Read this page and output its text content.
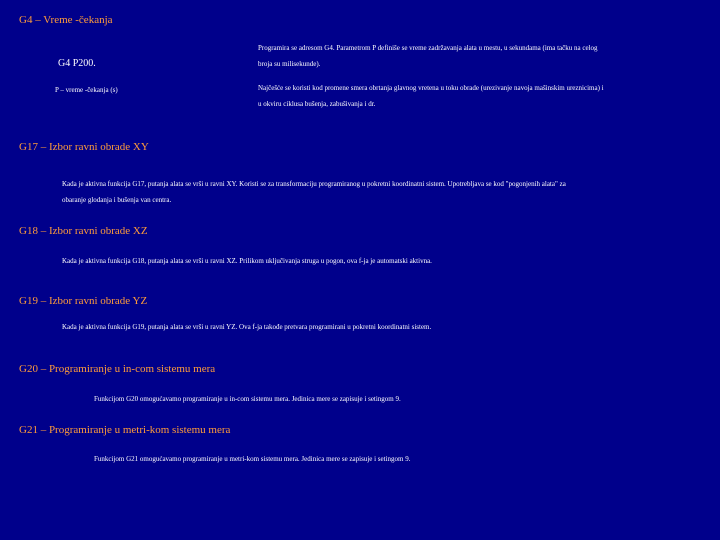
G4 – Vreme -čekanja
G4 P200.
P – vreme -čekanja (s)
Programira se adresom G4. Parametrom P definiše se vreme zadržavanja alata u mestu, u sekundama (ima tačku na celog
broja su milisekunde).
Najčešće se koristi kod promene smera obrtanja glavnog vretena u toku obrade (urezivanje navoja mašinskim ureznicima) i
u okviru ciklusa bušenja, zabušivanja i dr.
G17 – Izbor ravni obrade XY
Kada je aktivna funkcija G17, putanja alata se vrši u ravni XY. Koristi se za transformaciju programiranog u pokretni koordinatni sistem. Upotrebljava se kod "pogonjenih alata" za
obaranje glodanja i bušenja van centra.
G18 – Izbor ravni obrade XZ
Kada je aktivna funkcija G18, putanja alata se vrši u ravni XZ. Prilikom uključivanja struga u pogon, ova f-ja je automatski aktivna.
G19 – Izbor ravni obrade YZ
Kada je aktivna funkcija G19, putanja alata se vrši u ravni YZ. Ova f-ja takođe pretvara programirani u pokretni koordinatni sistem.
G20 – Programiranje u in-com sistemu mera
Funkcijom G20 omogućavamo programiranje u in-com sistemu mera. Jedinica mere se zapisuje i setingom 9.
G21 – Programiranje u metri-kom sistemu mera
Funkcijom G21 omogućavamo programiranje u metri-kom sistemu mera. Jedinica mere se zapisuje i setingom 9.
